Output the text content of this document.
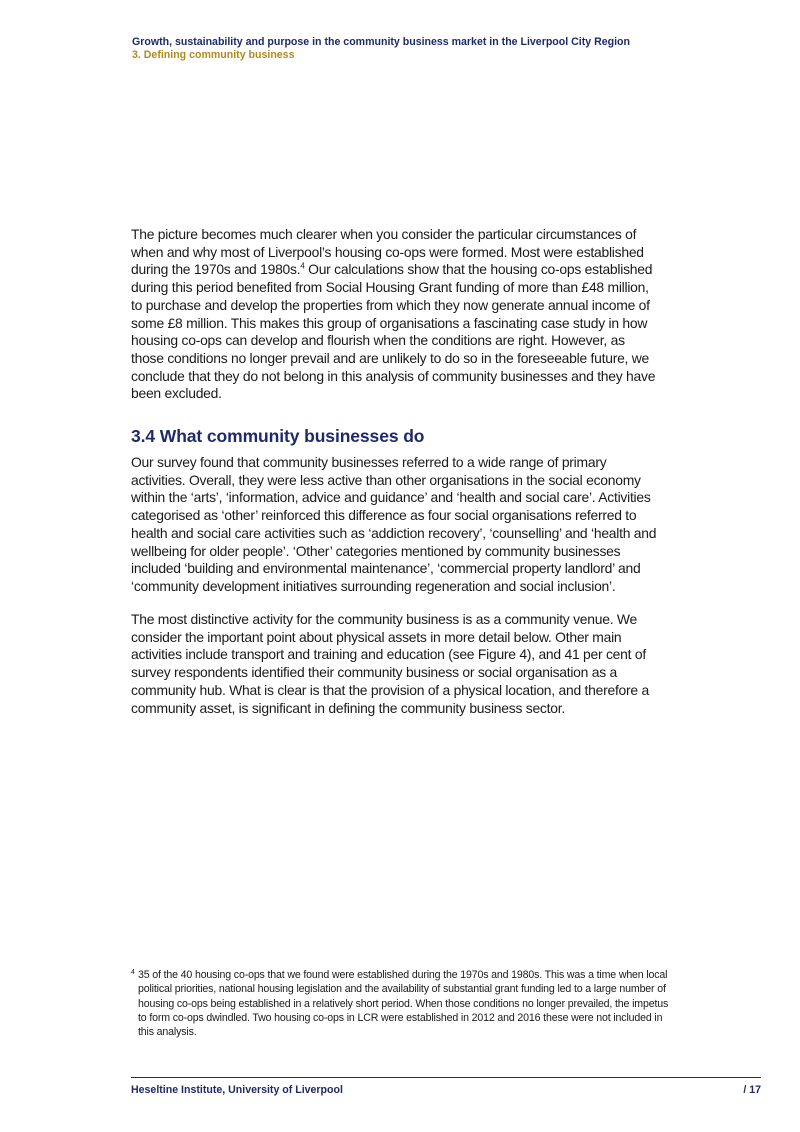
Growth, sustainability and purpose in the community business market in the Liverpool City Region
3. Defining community business

The picture becomes much clearer when you consider the particular circumstances of when and why most of Liverpool’s housing co-ops were formed. Most were established during the 1970s and 1980s.$^4$ Our calculations show that the housing co-ops established during this period benefited from Social Housing Grant funding of more than £48 million, to purchase and develop the properties from which they now generate annual income of some £8 million. This makes this group of organisations a fascinating case study in how housing co-ops can develop and flourish when the conditions are right. However, as those conditions no longer prevail and are unlikely to do so in the foreseeable future, we conclude that they do not belong in this analysis of community businesses and they have been excluded.

3.4 What community businesses do

Our survey found that community businesses referred to a wide range of primary activities. Overall, they were less active than other organisations in the social economy within the ‘arts’, ‘information, advice and guidance’ and ‘health and social care’. Activities categorised as ‘other’ reinforced this difference as four social organisations referred to health and social care activities such as ‘addiction recovery’, ‘counselling’ and ‘health and wellbeing for older people’. ‘Other’ categories mentioned by community businesses included ‘building and environmental maintenance’, ‘commercial property landlord’ and ‘community development initiatives surrounding regeneration and social inclusion’.

The most distinctive activity for the community business is as a community venue. We consider the important point about physical assets in more detail below. Other main activities include transport and training and education (see Figure 4), and 41 per cent of survey respondents identified their community business or social organisation as a community hub. What is clear is that the provision of a physical location, and therefore a community asset, is significant in defining the community business sector.

4 35 of the 40 housing co-ops that we found were established during the 1970s and 1980s. This was a time when local political priorities, national housing legislation and the availability of substantial grant funding led to a large number of housing co-ops being established in a relatively short period. When those conditions no longer prevailed, the impetus to form co-ops dwindled. Two housing co-ops in LCR were established in 2012 and 2016 these were not included in this analysis.
Heseltine Institute, University of Liverpool	/ 17
